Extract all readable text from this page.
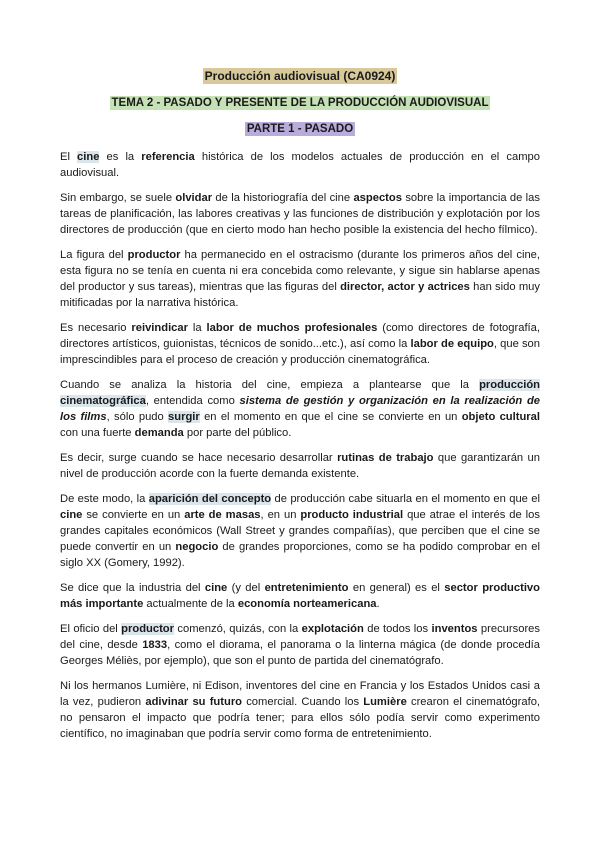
Producción audiovisual (CA0924)
TEMA 2 - PASADO Y PRESENTE DE LA PRODUCCIÓN AUDIOVISUAL
PARTE 1 - PASADO

El cine es la referencia histórica de los modelos actuales de producción en el campo audiovisual.

Sin embargo, se suele olvidar de la historiografía del cine aspectos sobre la importancia de las tareas de planificación, las labores creativas y las funciones de distribución y explotación por los directores de producción (que en cierto modo han hecho posible la existencia del hecho fílmico).

La figura del productor ha permanecido en el ostracismo (durante los primeros años del cine, esta figura no se tenía en cuenta ni era concebida como relevante, y sigue sin hablarse apenas del productor y sus tareas), mientras que las figuras del director, actor y actrices han sido muy mitificadas por la narrativa histórica.

Es necesario reivindicar la labor de muchos profesionales (como directores de fotografía, directores artísticos, guionistas, técnicos de sonido...etc.), así como la labor de equipo, que son imprescindibles para el proceso de creación y producción cinematográfica.

Cuando se analiza la historia del cine, empieza a plantearse que la producción cinematográfica, entendida como sistema de gestión y organización en la realización de los films, sólo pudo surgir en el momento en que el cine se convierte en un objeto cultural con una fuerte demanda por parte del público.

Es decir, surge cuando se hace necesario desarrollar rutinas de trabajo que garantizarán un nivel de producción acorde con la fuerte demanda existente.

De este modo, la aparición del concepto de producción cabe situarla en el momento en que el cine se convierte en un arte de masas, en un producto industrial que atrae el interés de los grandes capitales económicos (Wall Street y grandes compañías), que perciben que el cine se puede convertir en un negocio de grandes proporciones, como se ha podido comprobar en el siglo XX (Gomery, 1992).

Se dice que la industria del cine (y del entretenimiento en general) es el sector productivo más importante actualmente de la economía norteamericana.

El oficio del productor comenzó, quizás, con la explotación de todos los inventos precursores del cine, desde 1833, como el diorama, el panorama o la linterna mágica (de donde procedía Georges Méliès, por ejemplo), que son el punto de partida del cinematógrafo.

Ni los hermanos Lumière, ni Edison, inventores del cine en Francia y los Estados Unidos casi a la vez, pudieron adivinar su futuro comercial. Cuando los Lumière crearon el cinematógrafo, no pensaron el impacto que podría tener; para ellos sólo podía servir como experimento científico, no imaginaban que podría servir como forma de entretenimiento.
